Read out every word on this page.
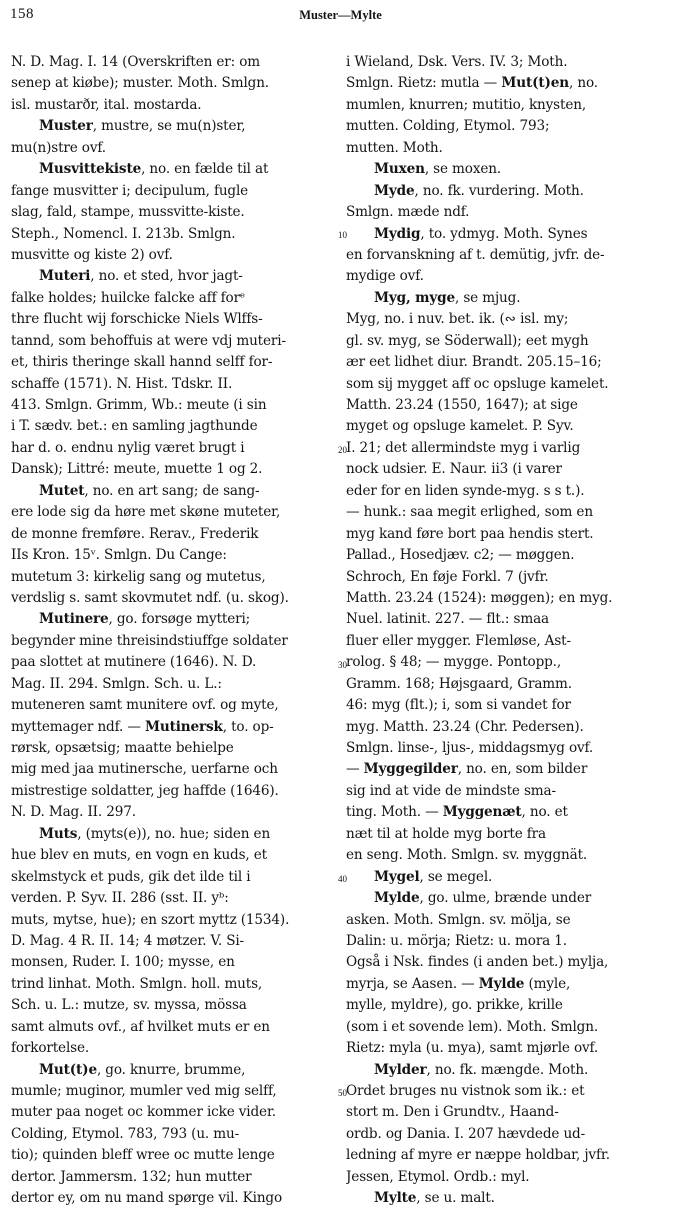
158	Muster—Mylte
N. D. Mag. I. 14 (Overskriften er: om
senep at kiøbe); muster. Moth. Smlgn.
isl. mustarðr, ital. mostarda.
Muster, mustre, se mu(n)ster,
mu(n)stre ovf.
Musvittekiste, no. en fælde til at
fange musvitter i; decipulum, fugle
slag, fald, stampe, mussvitte-kiste.
Steph., Nomencl. I. 213b. Smlgn.
musvitte og kiste 2) ovf.
Muteri, no. et sted, hvor jagt-
falke holdes; huilcke falcke aff forᵉ
thre flucht wij forschicke Niels Wlffs-
tannd, som behoffuis at were vdj muteri-
et, thiris theringe skall hannd selff for-
schaffe (1571). N. Hist. Tdskr. II.
413. Smlgn. Grimm, Wb.: meute (i sin
i T. sædv. bet.: en samling jagthunde
har d. o. endnu nylig været brugt i
Dansk); Littré: meute, muette 1 og 2.
Mutet, no. en art sang; de sang-
ere lode sig da høre met skøne muteter,
de monne fremføre. Rerav., Frederik
IIs Kron. 15ᵛ. Smlgn. Du Cange:
mutetum 3: kirkelig sang og mutetus,
verdslig s. samt skovmutet ndf. (u. skog).
Mutinere, go. forsøge mytteri;
begynder mine threisindstiuffge soldater
paa slottet at mutinere (1646). N. D.
Mag. II. 294. Smlgn. Sch. u. L.:
muteneren samt munitere ovf. og myte,
myttemager ndf. — Mutinersk, to. op-
rørsk, opsætsig; maatte behielpe
mig med jaa mutinersche, uerfarne och
mistrestige soldatter, jeg haffde (1646).
N. D. Mag. II. 297.
Muts, (myts(e)), no. hue; siden en
hue blev en muts, en vogn en kuds, et
skelmstyck et puds, gik det ilde til i
verden. P. Syv. II. 286 (sst. II. yᵇ:
muts, mytse, hue); en szort myttz (1534).
D. Mag. 4 R. II. 14; 4 møtzer. V. Si-
monsen, Ruder. I. 100; mysse, en
trind linhat. Moth. Smlgn. holl. muts,
Sch. u. L.: mutze, sv. myssa, mössa
samt almuts ovf., af hvilket muts er en
forkortelse.
Mut(t)e, go. knurre, brumme,
mumle; muginor, mumler ved mig selff,
muter paa noget oc kommer icke vider.
Colding, Etymol. 783, 793 (u. mu-
tio); quinden bleff wree oc mutte lenge
dertor. Jammersm. 132; hun mutter
dertor ey, om nu mand spørge vil. Kingo
i Wieland, Dsk. Vers. IV. 3; Moth.
Smlgn. Rietz: mutla — Mut(t)en, no.
mumlen, knurren; mutitio, knysten,
mutten. Colding, Etymol. 793;
mutten. Moth.
Muxen, se moxen.
Myde, no. fk. vurdering. Moth.
Smlgn. mæde ndf.
Mydig, to. ydmyg. Moth. Synes
en forvanskning af t. demütig, jvfr. de-
mydige ovf.
Myg, myge, se mjug.
Myg, no. i nuv. bet. ik. (∾ isl. my;
gl. sv. myg, se Söderwall); eet mygh
ær eet lidhet diur. Brandt. 205.15–16;
som sij mygget aff oc opsluge kamelet.
Matth. 23.24 (1550, 1647); at sige
myget og opsluge kamelet. P. Syv.
I. 21; det allermindste myg i varlig
nock udsier. E. Naur. ii3 (i varer
eder for en liden synde-myg. s s t.).
— hunk.: saa megit erlighed, som en
myg kand føre bort paa hendis stert.
Pallad., Hosedjæv. c2; — møggen.
Schroch, En føje Forkl. 7 (jvfr.
Matth. 23.24 (1524): møggen); en myg.
Nuel. latinit. 227. — flt.: smaa
fluer eller mygger. Flemløse, Ast-
rolog. § 48; — mygge. Pontopp.,
Gramm. 168; Højsgaard, Gramm.
46: myg (flt.); i, som si vandet for
myg. Matth. 23.24 (Chr. Pedersen).
Smlgn. linse-, ljus-, middagsmyg ovf.
— Myggegilder, no. en, som bilder
sig ind at vide de mindste sma-
ting. Moth. — Myggenæt, no. et
næt til at holde myg borte fra
en seng. Moth. Smlgn. sv. myggnät.
Mygel, se megel.
Mylde, go. ulme, brænde under
asken. Moth. Smlgn. sv. mölja, se
Dalin: u. mörja; Rietz: u. mora 1.
Også i Nsk. findes (i anden bet.) mylja,
myrja, se Aasen. — Mylde (myle,
mylle, myldre), go. prikke, krille
(som i et sovende lem). Moth. Smlgn.
Rietz: myla (u. mya), samt mjørle ovf.
Mylder, no. fk. mængde. Moth.
Ordet bruges nu vistnok som ik.: et
stort m. Den i Grundtv., Haand-
ordb. og Dania. I. 207 hævdede ud-
ledning af myre er næppe holdbar, jvfr.
Jessen, Etymol. Ordb.: myl.
Mylte, se u. malt.
10
20
30
40
50
